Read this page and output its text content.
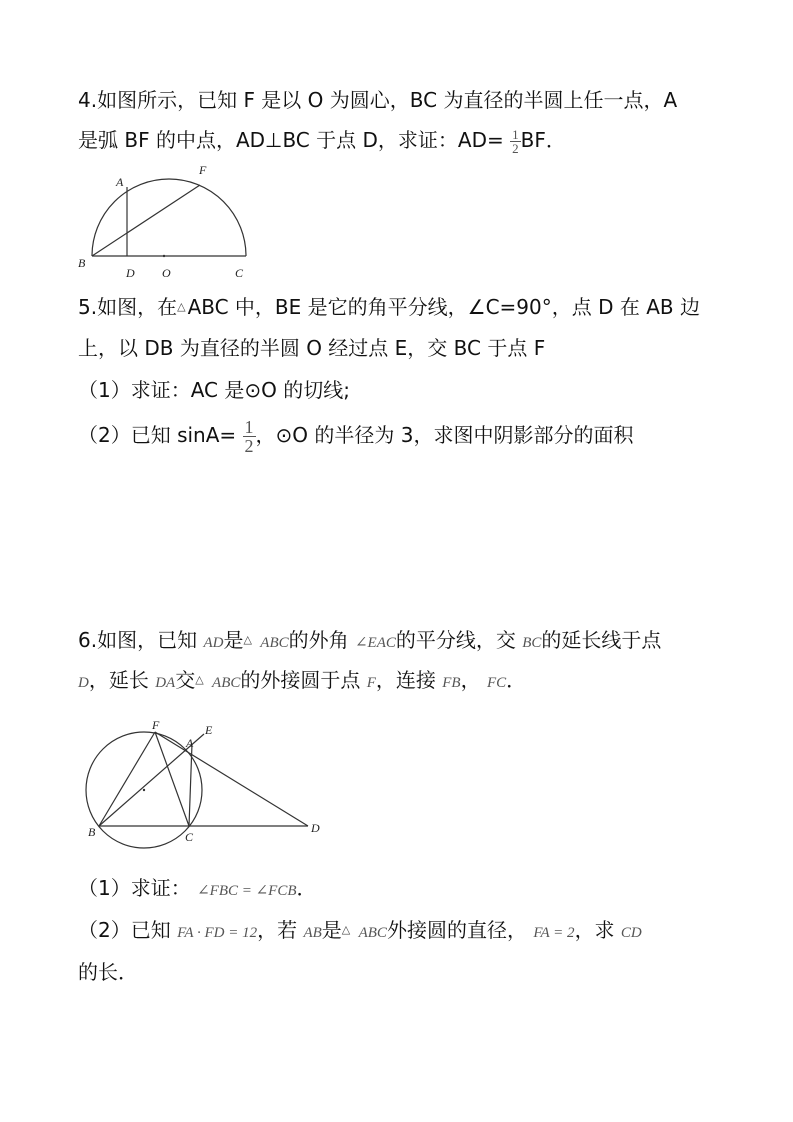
4.如图所示，已知 F 是以 O 为圆心，BC 为直径的半圆上任一点，A
是弧 BF 的中点，AD⊥BC 于点 D，求证：$AD= \frac{1}{2}$ BF．
A
F
B
D O	C
5.如图，在△ ABC 中，BE 是它的角平分线，∠C=90°，点 D 在 AB 边
上，以 DB 为直径的半圆 O 经过点 E，交 BC 于点 F
（1）求证：AC 是⊙O 的切线;
（2）已知 $\sin A= \frac{1}{2}$ ，⊙O 的半径为 3，求图中阴影部分的面积
6.如图，已知 AD是△ ABC的外角 ∠EAC的平分线，交 BC的延长线于点
D，延长 DA交△ ABC的外接圆于点 F，连接 FB， FC．
F
A
E
B	C
D
（1）求证： ∠FBC = ∠FCB．
（2）已知 FA · FD = 12，若 AB是△ ABC外接圆的直径， FA = 2，求 CD
的长．
